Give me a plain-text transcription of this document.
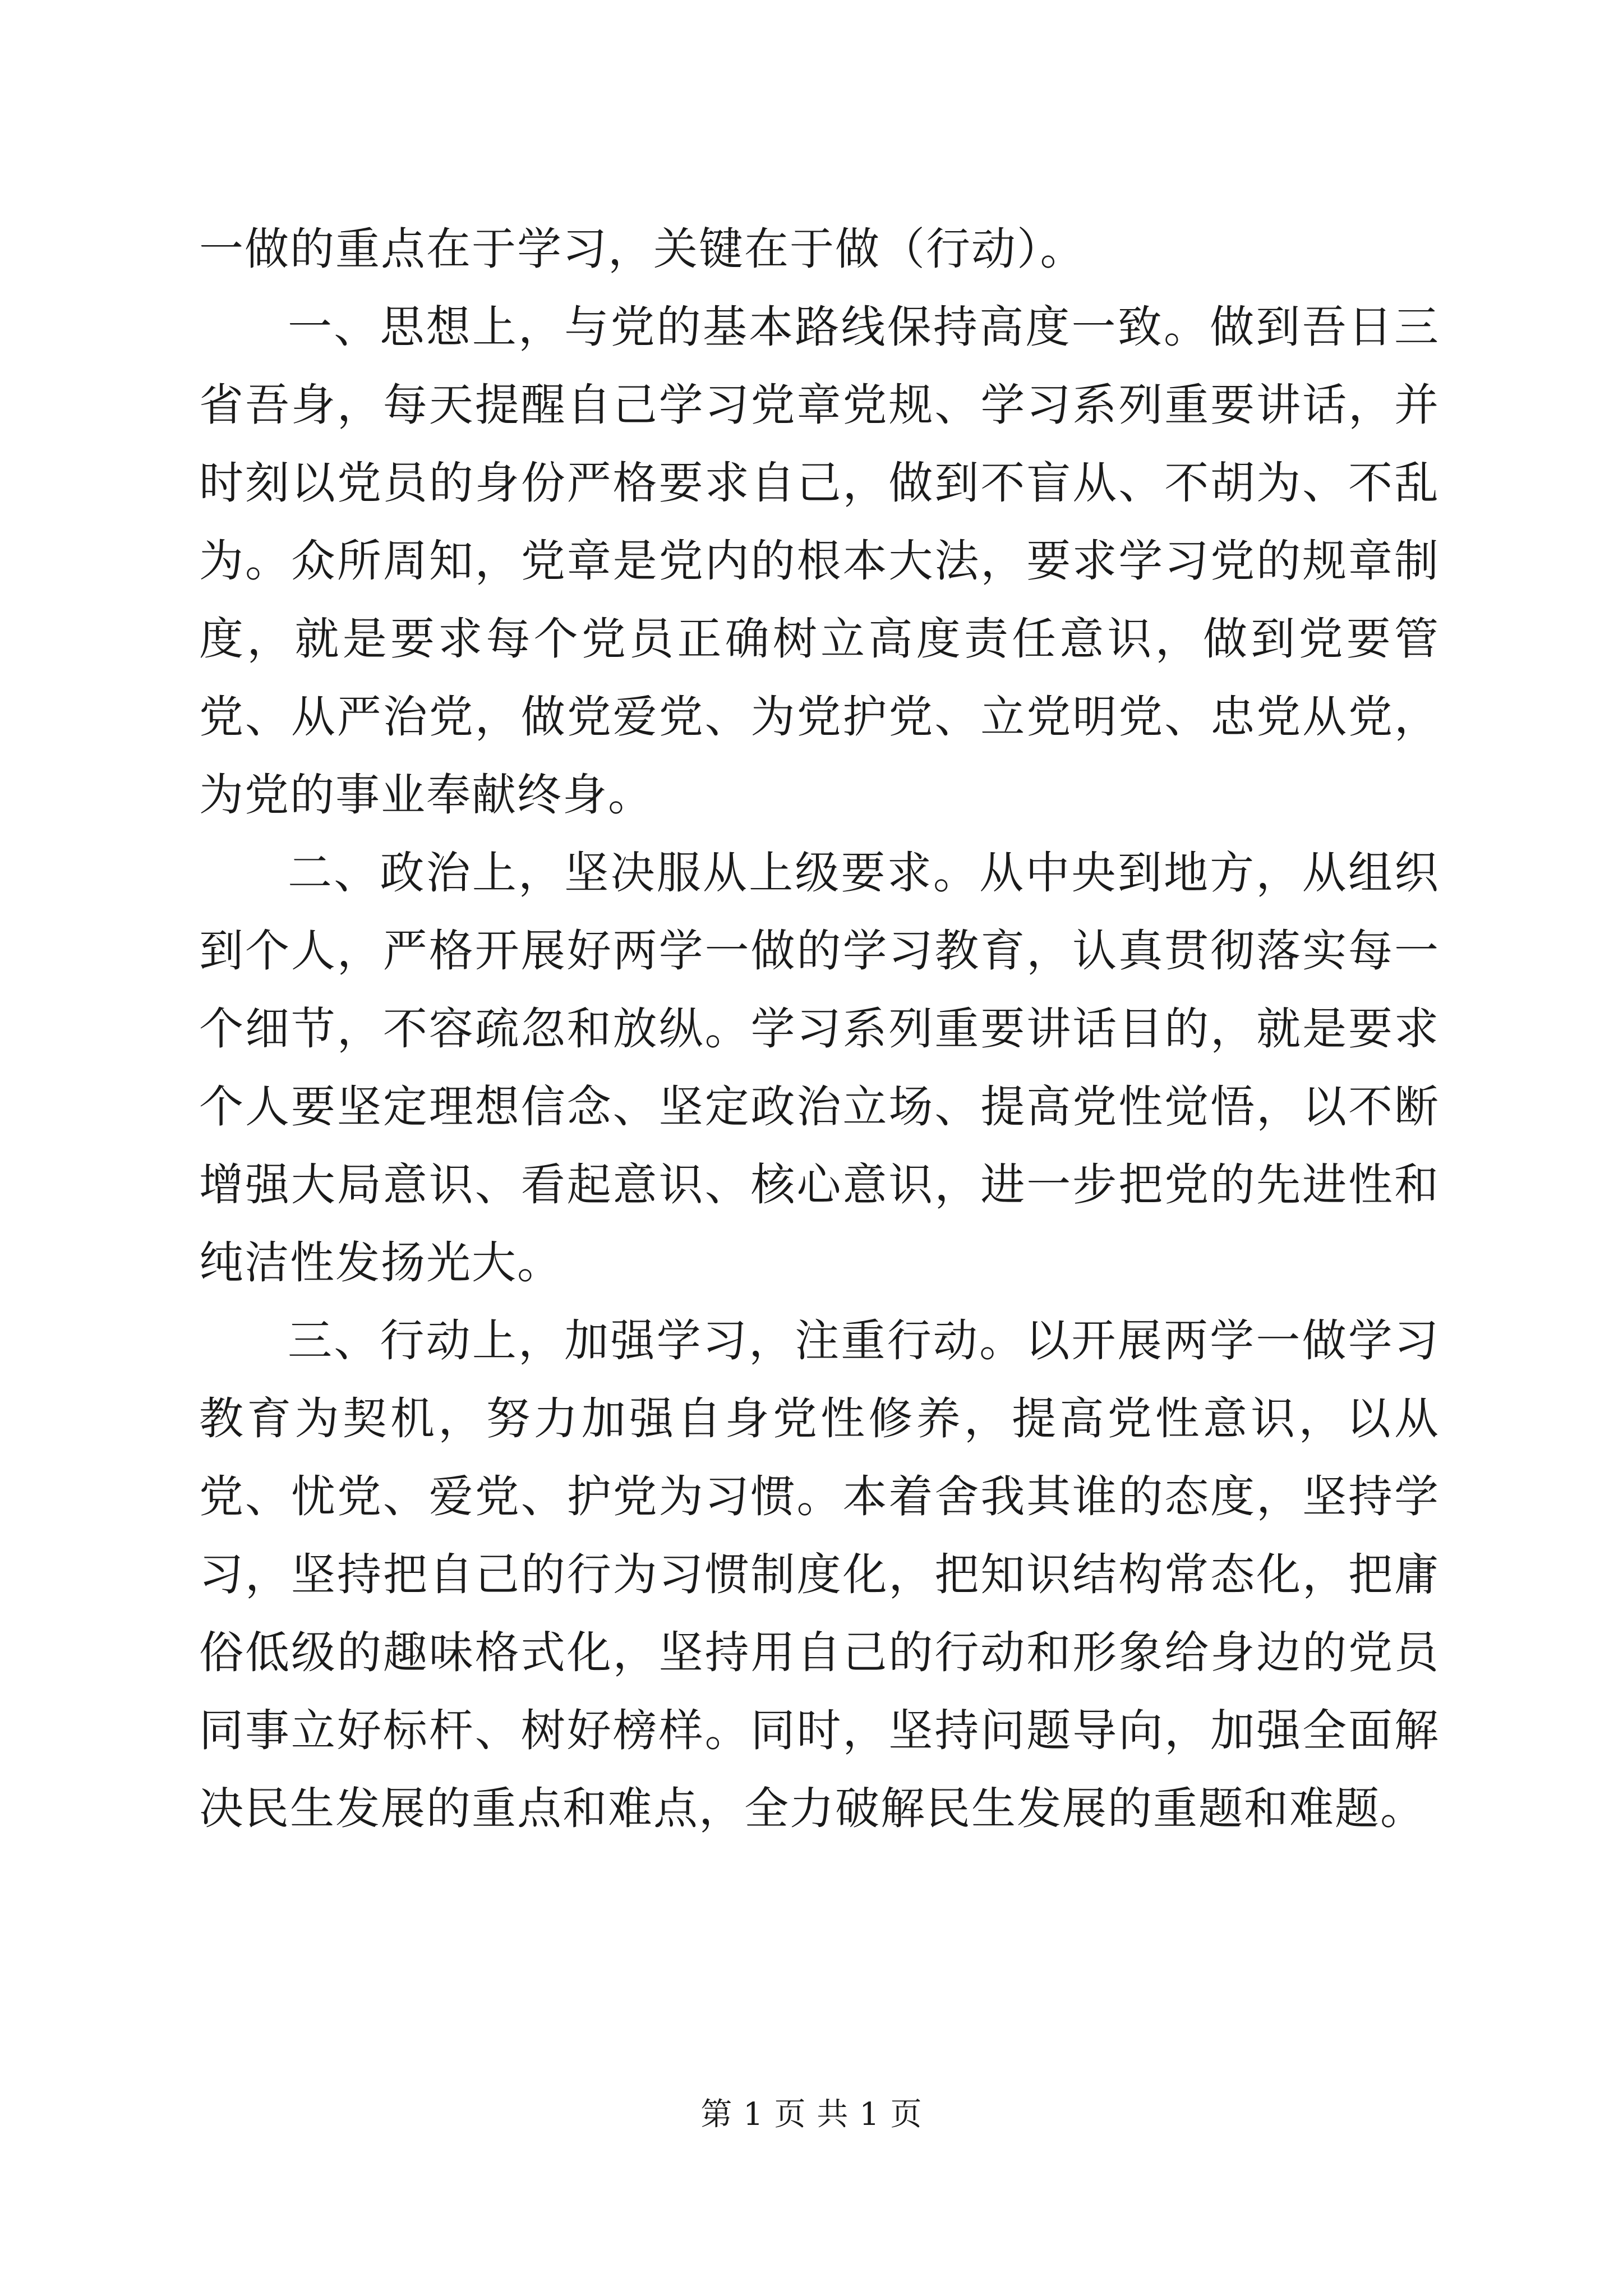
一做的重点在于学习，关键在于做（行动）。

一、思想上，与党的基本路线保持高度一致。做到吾日三省吾身，每天提醒自己学习党章党规、学习系列重要讲话，并时刻以党员的身份严格要求自己，做到不盲从、不胡为、不乱为。众所周知，党章是党内的根本大法，要求学习党的规章制度，就是要求每个党员正确树立高度责任意识，做到党要管党、从严治党，做党爱党、为党护党、立党明党、忠党从党，为党的事业奉献终身。

二、政治上，坚决服从上级要求。从中央到地方，从组织到个人，严格开展好两学一做的学习教育，认真贯彻落实每一个细节，不容疏忽和放纵。学习系列重要讲话目的，就是要求个人要坚定理想信念、坚定政治立场、提高党性觉悟，以不断增强大局意识、看起意识、核心意识，进一步把党的先进性和纯洁性发扬光大。

三、行动上，加强学习，注重行动。以开展两学一做学习教育为契机，努力加强自身党性修养，提高党性意识，以从党、忧党、爱党、护党为习惯。本着舍我其谁的态度，坚持学习，坚持把自己的行为习惯制度化，把知识结构常态化，把庸俗低级的趣味格式化，坚持用自己的行动和形象给身边的党员同事立好标杆、树好榜样。同时，坚持问题导向，加强全面解决民生发展的重点和难点，全力破解民生发展的重题和难题。

第 1 页 共 1 页
